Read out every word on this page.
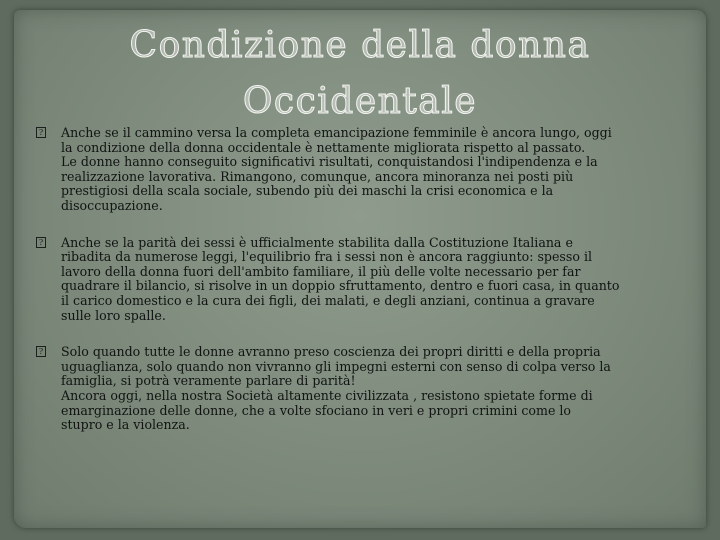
Condizione della donna
Occidentale
? Anche se il cammino versa la completa emancipazione femminile è ancora lungo, oggi
la condizione della donna occidentale è nettamente migliorata rispetto al passato.
Le donne hanno conseguito significativi risultati, conquistandosi l'indipendenza e la
realizzazione lavorativa. Rimangono, comunque, ancora minoranza nei posti più
prestigiosi della scala sociale, subendo più dei maschi la crisi economica e la
disoccupazione.
? Anche se la parità dei sessi è ufficialmente stabilita dalla Costituzione Italiana e
ribadita da numerose leggi, l'equilibrio fra i sessi non è ancora raggiunto: spesso il
lavoro della donna fuori dell'ambito familiare, il più delle volte necessario per far
quadrare il bilancio, si risolve in un doppio sfruttamento, dentro e fuori casa, in quanto
il carico domestico e la cura dei figli, dei malati, e degli anziani, continua a gravare
sulle loro spalle.
? Solo quando tutte le donne avranno preso coscienza dei propri diritti e della propria
uguaglianza, solo quando non vivranno gli impegni esterni con senso di colpa verso la
famiglia, si potrà veramente parlare di parità!
Ancora oggi, nella nostra Società altamente civilizzata , resistono spietate forme di
emarginazione delle donne, che a volte sfociano in veri e propri crimini come lo
stupro e la violenza.
